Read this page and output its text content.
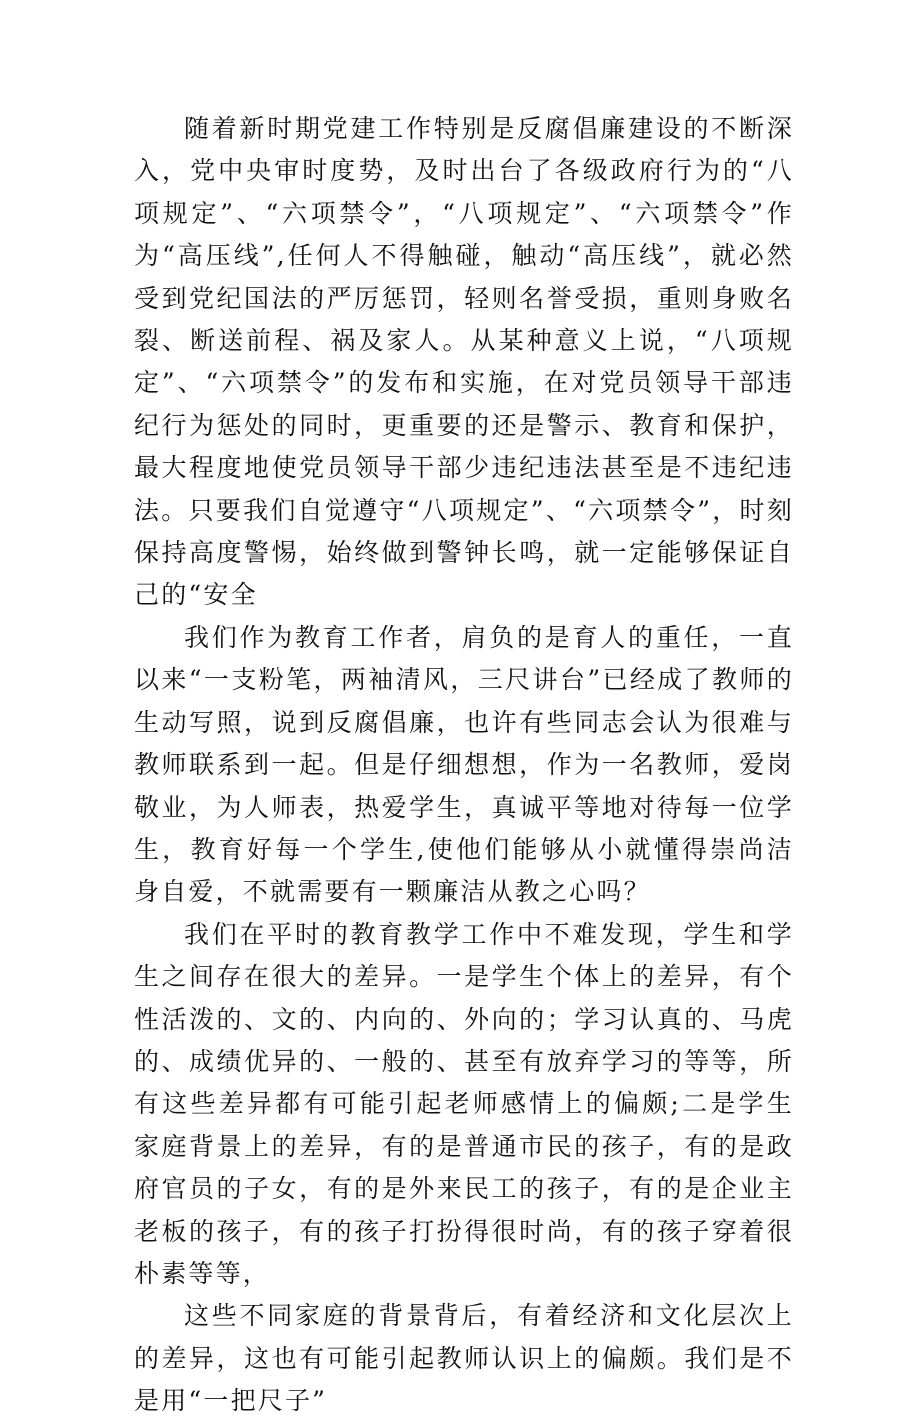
随着新时期党建工作特别是反腐倡廉建设的不断深入，党中央审时度势，及时出台了各级政府行为的“八项规定”、“六项禁令”，“八项规定”、“六项禁令”作为“高压线”,任何人不得触碰，触动“高压线”，就必然受到党纪国法的严厉惩罚，轻则名誉受损，重则身败名裂、断送前程、祸及家人。从某种意义上说，“八项规定”、“六项禁令”的发布和实施，在对党员领导干部违纪行为惩处的同时，更重要的还是警示、教育和保护，最大程度地使党员领导干部少违纪违法甚至是不违纪违法。只要我们自觉遵守“八项规定”、“六项禁令”，时刻保持高度警惕，始终做到警钟长鸣，就一定能够保证自己的“安全

我们作为教育工作者，肩负的是育人的重任，一直以来“一支粉笔，两袖清风，三尺讲台”已经成了教师的生动写照，说到反腐倡廉，也许有些同志会认为很难与教师联系到一起。但是仔细想想，作为一名教师，爱岗敬业，为人师表，热爱学生，真诚平等地对待每一位学生，教育好每一个学生,使他们能够从小就懂得崇尚洁身自爱，不就需要有一颗廉洁从教之心吗？

我们在平时的教育教学工作中不难发现，学生和学生之间存在很大的差异。一是学生个体上的差异，有个性活泼的、文的、内向的、外向的；学习认真的、马虎的、成绩优异的、一般的、甚至有放弃学习的等等，所有这些差异都有可能引起老师感情上的偏颇;二是学生家庭背景上的差异，有的是普通市民的孩子，有的是政府官员的子女，有的是外来民工的孩子，有的是企业主老板的孩子，有的孩子打扮得很时尚，有的孩子穿着很朴素等等，

这些不同家庭的背景背后，有着经济和文化层次上的差异，这也有可能引起教师认识上的偏颇。我们是不是用“一把尺子”
